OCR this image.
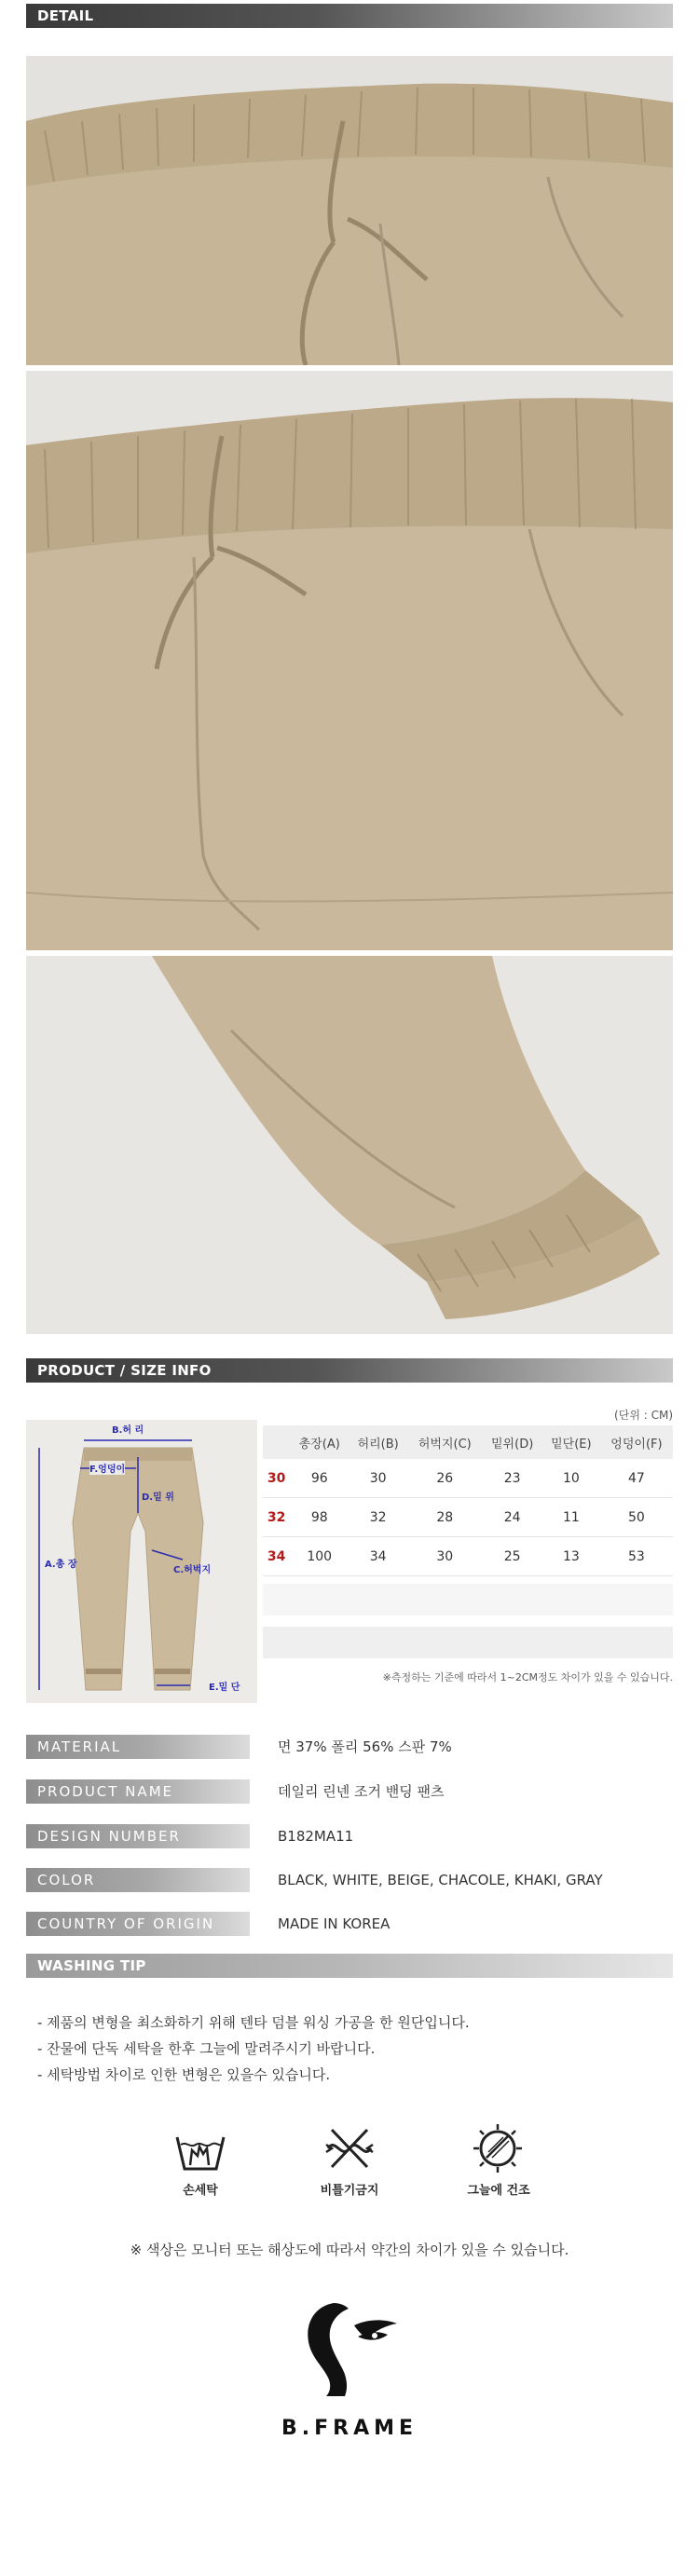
DETAIL
PRODUCT / SIZE INFO
B.허 리
F.엉덩이
D.밑 위
A.총 장
C.허벅지
E.밑 단
(단위 : CM)
	총장(A)	허리(B)	허벅지(C)	밑위(D)	밑단(E)	엉덩이(F)
30	96	30	26	23	10	47
32	98	32	28	24	11	50
34	100	34	30	25	13	53
※측정하는 기준에 따라서 1~2CM정도 차이가 있을 수 있습니다.
MATERIAL	면 37% 폴리 56% 스판 7%
PRODUCT NAME	데일리 린넨 조거 밴딩 팬츠
DESIGN NUMBER	B182MA11
COLOR	BLACK, WHITE, BEIGE, CHACOLE, KHAKI, GRAY
COUNTRY OF ORIGIN	MADE IN KOREA
WASHING TIP
- 제품의 변형을 최소화하기 위해 텐타 덤블 워싱 가공을 한 원단입니다.
- 잔물에 단독 세탁을 한후 그늘에 말려주시기 바랍니다.
- 세탁방법 차이로 인한 변형은 있을수 있습니다.
손세탁	비틀기금지	그늘에 건조
※ 색상은 모니터 또는 해상도에 따라서 약간의 차이가 있을 수 있습니다.
B.FRAME
